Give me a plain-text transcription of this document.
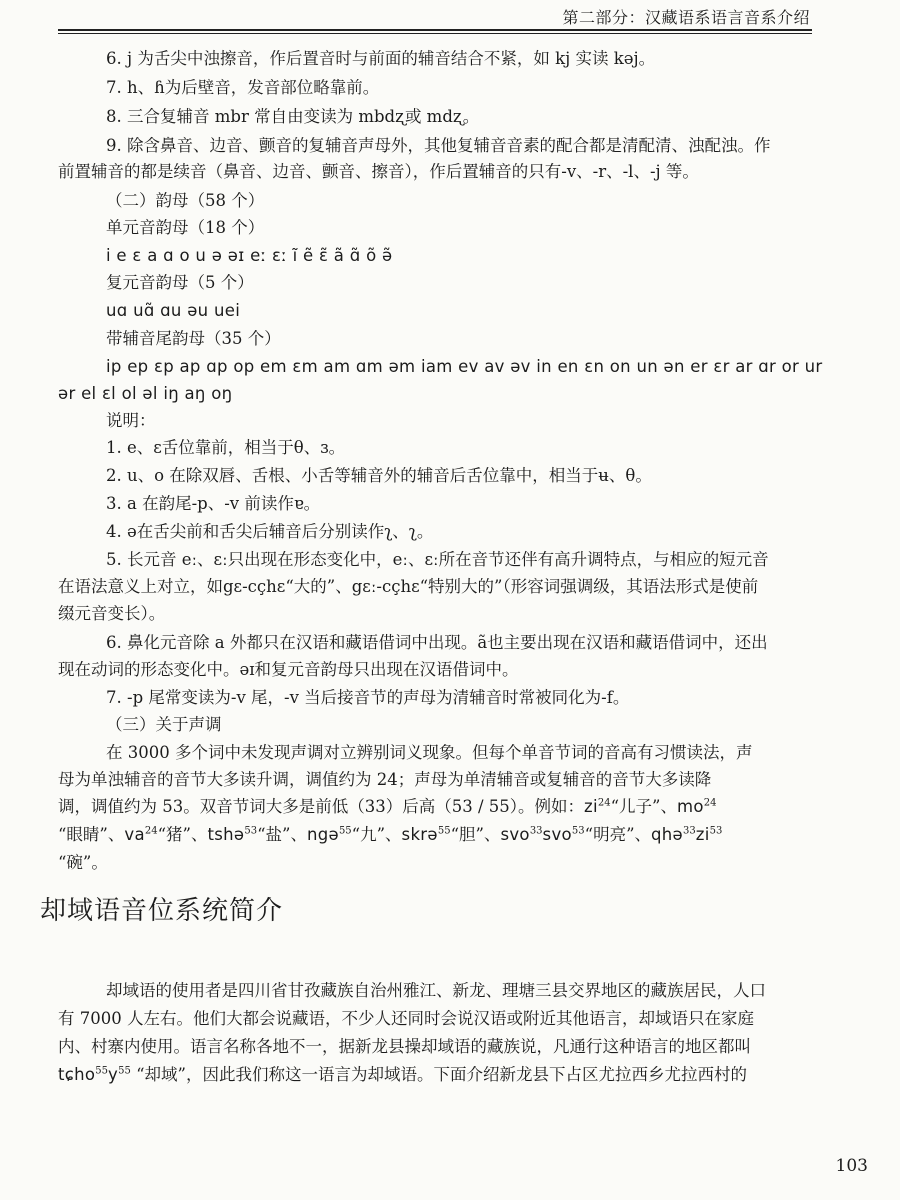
第二部分：汉藏语系语言音系介绍
6. j 为舌尖中浊擦音，作后置音时与前面的辅音结合不紧，如 kj 实读 kəj。
7. h、ɦ为后壁音，发音部位略靠前。
8. 三合复辅音 mbr 常自由变读为 mbdʐ或 mdʐ。
9. 除含鼻音、边音、颤音的复辅音声母外，其他复辅音音素的配合都是清配清、浊配浊。作
前置辅音的都是续音（鼻音、边音、颤音、擦音），作后置辅音的只有-v、-r、-l、-j 等。
（二）韵母（58 个）
单元音韵母（18 个）
i e ɛ a ɑ o u ə əɪ eː ɛː ĩ ẽ ɛ̃ ã ɑ̃ õ ə̃
复元音韵母（5 个）
uɑ uɑ̃ ɑu əu uei
带辅音尾韵母（35 个）
ip ep ɛp ap ɑp op em ɛm am ɑm əm iam ev av əv in en ɛn on un ən er ɛr ar ɑr or ur
ər el ɛl ol əl iŋ aŋ oŋ
说明：
1. e、ɛ舌位靠前，相当于θ、ɜ。
2. u、o 在除双唇、舌根、小舌等辅音外的辅音后舌位靠中，相当于ʉ、θ。
3. a 在韵尾-p、-v 前读作ɐ。
4. ə在舌尖前和舌尖后辅音后分别读作ʅ、ʅ。
5. 长元音 eː、ɛː只出现在形态变化中，eː、ɛː所在音节还伴有高升调特点，与相应的短元音
在语法意义上对立，如gɛ-cçhɛ“大的”、gɛː-cçhɛ“特别大的”（形容词强调级，其语法形式是使前
缀元音变长）。
6. 鼻化元音除 a 外都只在汉语和藏语借词中出现。ã也主要出现在汉语和藏语借词中，还出
现在动词的形态变化中。əɪ和复元音韵母只出现在汉语借词中。
7. -p 尾常变读为-v 尾，-v 当后接音节的声母为清辅音时常被同化为-f。
（三）关于声调
在 3000 多个词中未发现声调对立辨别词义现象。但每个单音节词的音高有习惯读法，声
母为单浊辅音的音节大多读升调，调值约为 24；声母为单清辅音或复辅音的音节大多读降
调，调值约为 53。双音节词大多是前低（33）后高（53 / 55）。例如：$zi^{24}“$儿子”、$mo^{24}$
“眼睛”、$va^{24}“$猪”、tshə$^{53}$“盐”、ngə$^{55}$“九”、skrə$^{55}$“胆”、svo$^{33}$svo$^{53}$“明亮”、$qhə^{33}zi^{53}$
“碗”。
却域语音位系统简介
却域语的使用者是四川省甘孜藏族自治州雅江、新龙、理塘三县交界地区的藏族居民，人口
有 7000 人左右。他们大都会说藏语，不少人还同时会说汉语或附近其他语言，却域语只在家庭
内、村寨内使用。语言名称各地不一，据新龙县操却域语的藏族说，凡通行这种语言的地区都叫
$tɕho^{55}y^{55}$ “却域”，因此我们称这一语言为却域语。下面介绍新龙县下占区尤拉西乡尤拉西村的
103
